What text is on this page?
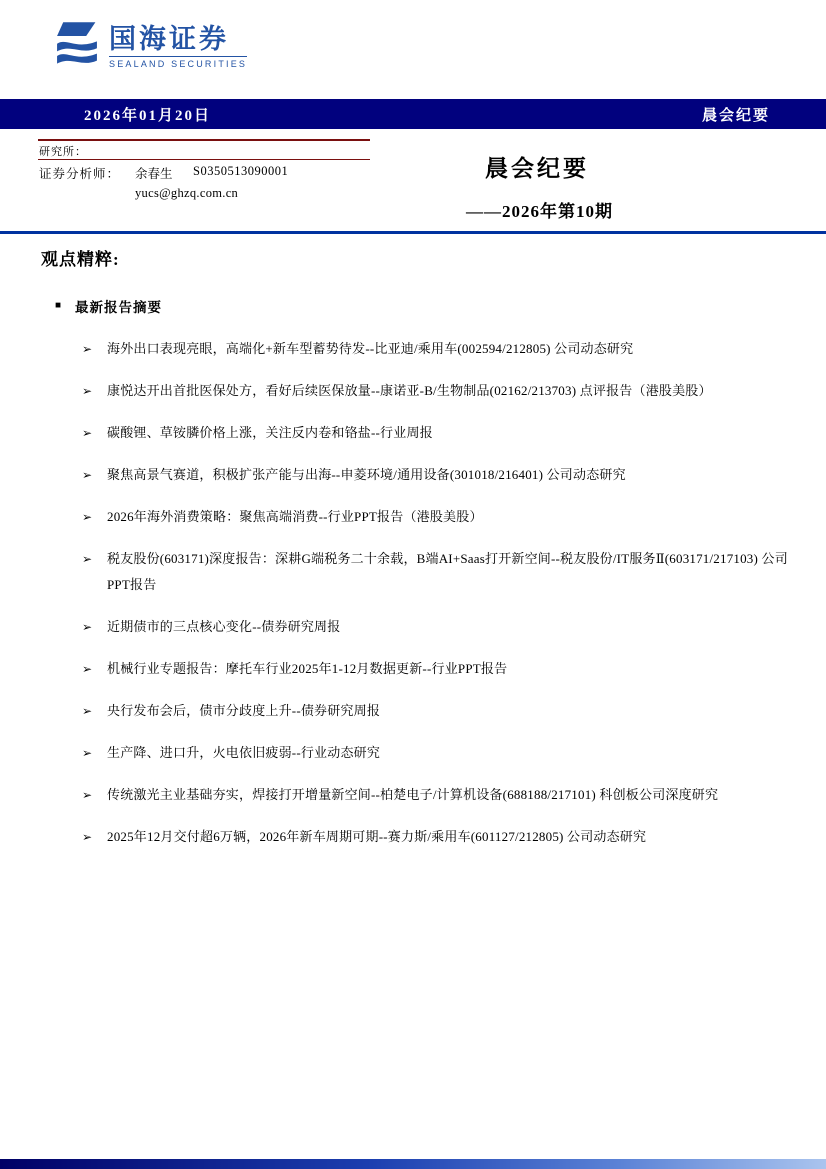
国海证券
SEALAND SECURITIES
2026年01月20日	晨会纪要
研究所：
证券分析师：	余春生	S0350513090001
yucs@ghzq.com.cn
晨会纪要
——2026年第10期
观点精粹:
■ 最新报告摘要
➢	海外出口表现亮眼，高端化+新车型蓄势待发--比亚迪/乘用车(002594/212805) 公司动态研究
➢	康悦达开出首批医保处方，看好后续医保放量--康诺亚-B/生物制品(02162/213703) 点评报告（港股美股）
➢	碳酸锂、草铵膦价格上涨，关注反内卷和铬盐--行业周报
➢	聚焦高景气赛道，积极扩张产能与出海--申菱环境/通用设备(301018/216401) 公司动态研究
➢	2026年海外消费策略：聚焦高端消费--行业PPT报告（港股美股）
➢	税友股份(603171)深度报告：深耕G端税务二十余载，B端AI+Saas打开新空间--税友股份/IT服务Ⅱ(603171/217103) 公司PPT报告
➢	近期债市的三点核心变化--债券研究周报
➢	机械行业专题报告：摩托车行业2025年1-12月数据更新--行业PPT报告
➢	央行发布会后，债市分歧度上升--债券研究周报
➢	生产降、进口升，火电依旧疲弱--行业动态研究
➢	传统激光主业基础夯实，焊接打开增量新空间--柏楚电子/计算机设备(688188/217101) 科创板公司深度研究
➢	2025年12月交付超6万辆，2026年新车周期可期--赛力斯/乘用车(601127/212805) 公司动态研究
